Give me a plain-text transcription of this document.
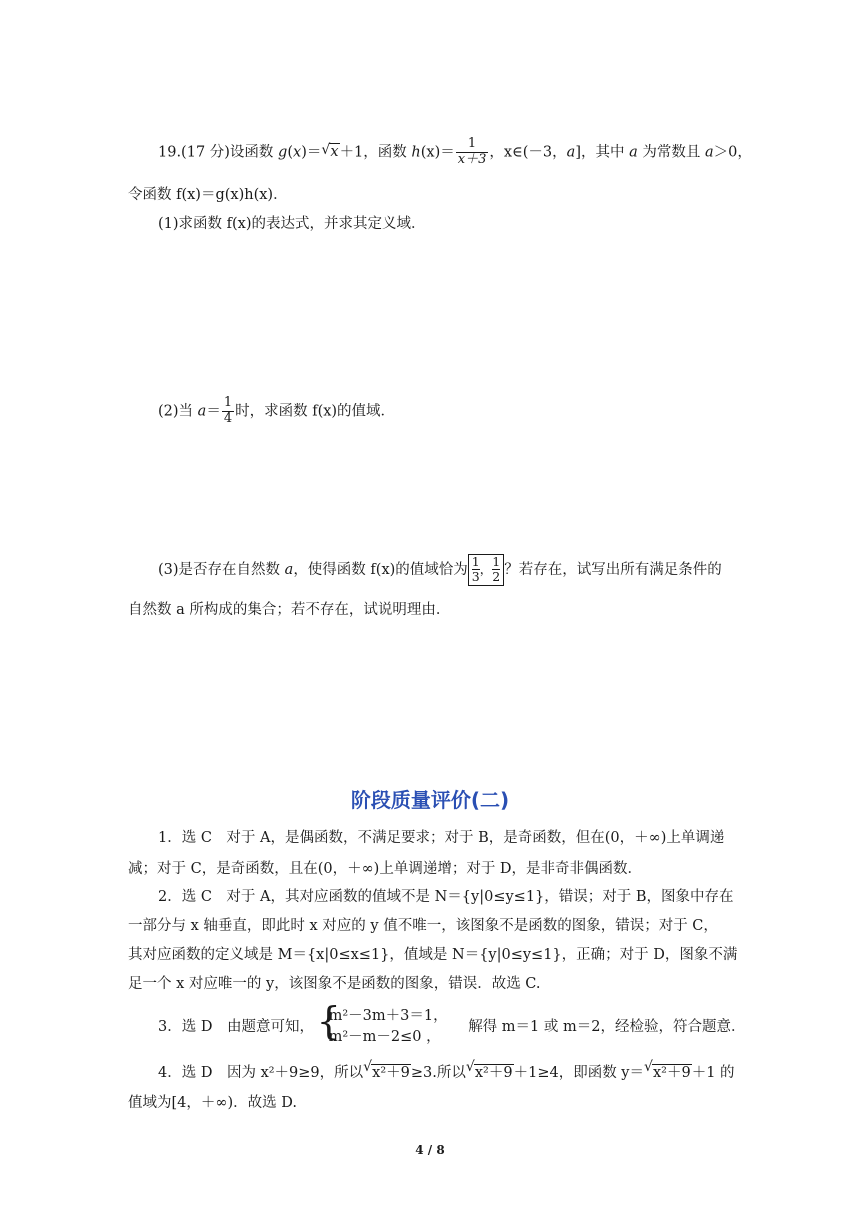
19.(17 分)设函数 g(x)＝ √ x＋1，函数 $h(x)= \frac{1}{x+3}$ ，x∈(－3，a]，其中 a 为常数且 a＞0，
令函数 f(x)＝g(x)h(x)．
(1)求函数 f(x)的表达式，并求其定义域．
(2)当 $a= \frac{1}{4}$ 时，求函数 f(x)的值域．
(3)是否存在自然数 a，使得函数 f(x)的值域恰为 $\frac{1}{3}$ ， $\frac{1}{2}$ ？若存在，试写出所有满足条件的
自然数 a 所构成的集合；若不存在，试说明理由．
阶段质量评价(二)
1．选 C　对于 A，是偶函数，不满足要求；对于 B，是奇函数，但在(0，＋∞)上单调递
减；对于 C，是奇函数，且在(0，＋∞)上单调递增；对于 D，是非奇非偶函数．
2．选 C　对于 A，其对应函数的值域不是 N＝{y|0≤y≤1}，错误；对于 B，图象中存在
一部分与 x 轴垂直，即此时 x 对应的 y 值不唯一，该图象不是函数的图象，错误；对于 C，
其对应函数的定义域是 M＝{x|0≤x≤1}，值域是 N＝{y|0≤y≤1}，正确；对于 D，图象不满
足一个 x 对应唯一的 y，该图象不是函数的图象，错误．故选 C.
3．选 D　由题意可知， {
m²－3m＋3＝1，
m²－m－2≤0 ，
解得 m＝1 或 m＝2，经检验，符合题意．
4．选 D　因为 x²＋9≥9，所以 √ x²＋9≥3.所以 √ x²＋9＋1≥4，即函数 y＝ √ x²＋9＋1 的
值域为[4，＋∞)．故选 D.
4 / 8
